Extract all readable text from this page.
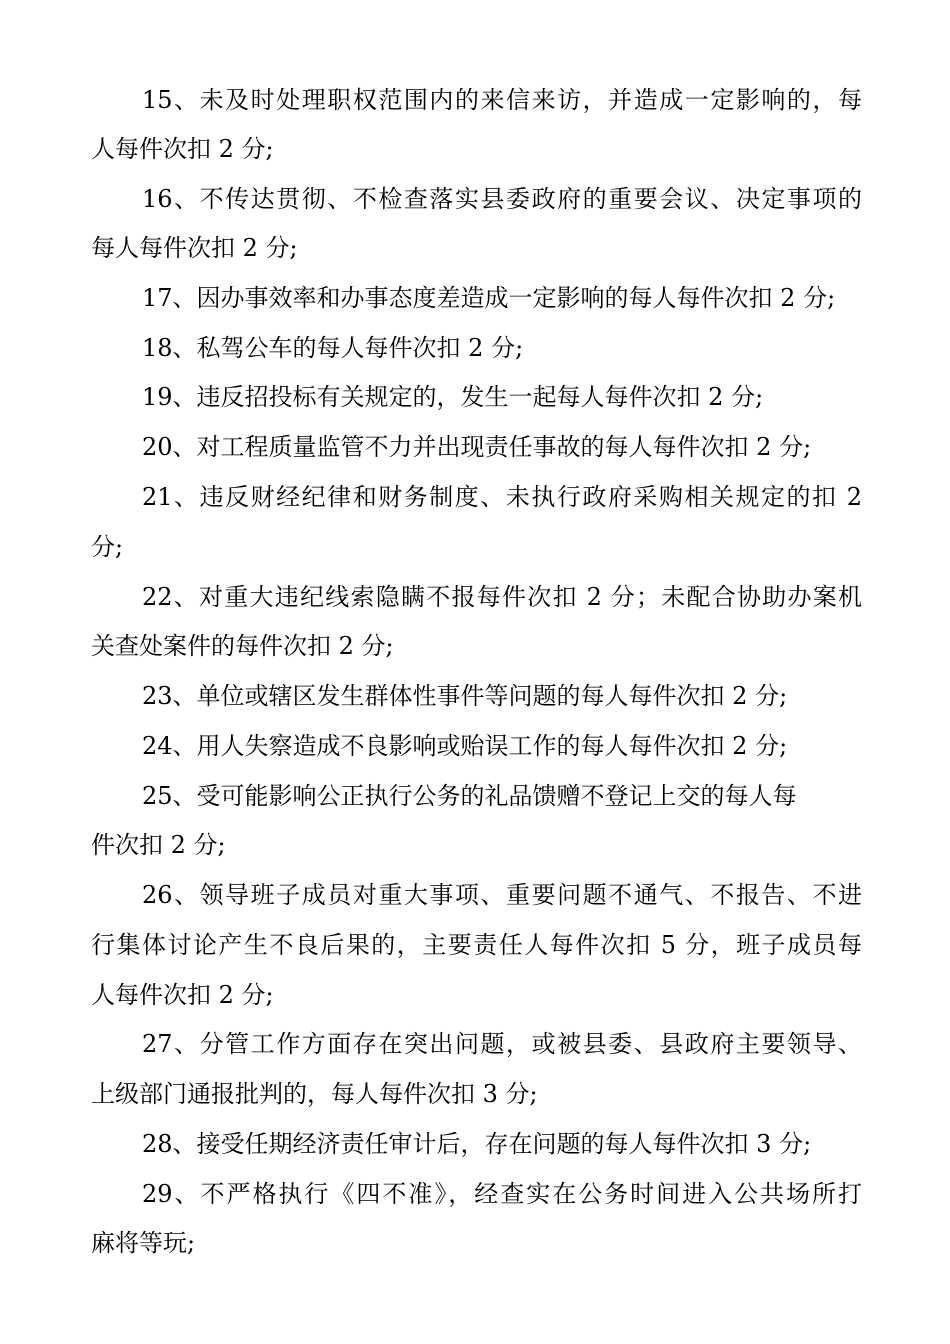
15、未及时处理职权范围内的来信来访，并造成一定影响的，每
人每件次扣 2 分;
16、不传达贯彻、不检查落实县委政府的重要会议、决定事项的
每人每件次扣 2 分;
17、因办事效率和办事态度差造成一定影响的每人每件次扣 2 分;
18、私驾公车的每人每件次扣 2 分;
19、违反招投标有关规定的，发生一起每人每件次扣 2 分;
20、对工程质量监管不力并出现责任事故的每人每件次扣 2 分;
21、违反财经纪律和财务制度、未执行政府采购相关规定的扣 2
分;
22、对重大违纪线索隐瞒不报每件次扣 2 分；未配合协助办案机
关查处案件的每件次扣 2 分;
23、单位或辖区发生群体性事件等问题的每人每件次扣 2 分;
24、用人失察造成不良影响或贻误工作的每人每件次扣 2 分;
25、受可能影响公正执行公务的礼品馈赠不登记上交的每人每
件次扣 2 分;
26、领导班子成员对重大事项、重要问题不通气、不报告、不进
行集体讨论产生不良后果的，主要责任人每件次扣 5 分，班子成员每
人每件次扣 2 分;
27、分管工作方面存在突出问题，或被县委、县政府主要领导、
上级部门通报批判的，每人每件次扣 3 分;
28、接受任期经济责任审计后，存在问题的每人每件次扣 3 分;
29、不严格执行《四不准》，经查实在公务时间进入公共场所打
麻将等玩;
